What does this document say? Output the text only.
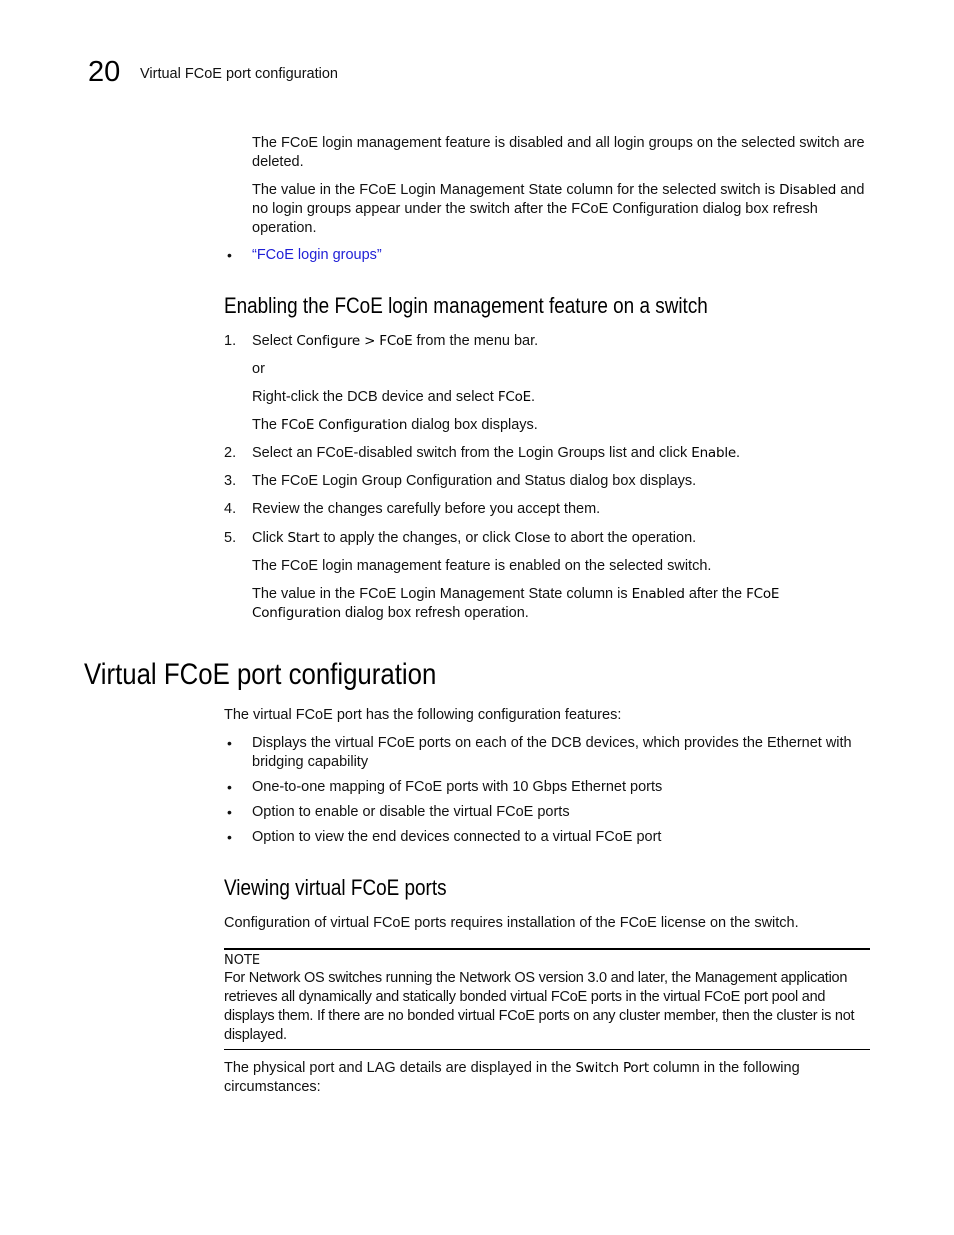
20 Virtual FCoE port configuration

The FCoE login management feature is disabled and all login groups on the selected switch are deleted.

The value in the FCoE Login Management State column for the selected switch is Disabled and no login groups appear under the switch after the FCoE Configuration dialog box refresh operation.

• “FCoE login groups”
Enabling the FCoE login management feature on a switch
1. Select Configure > FCoE from the menu bar.

or

Right-click the DCB device and select FCoE.

The FCoE Configuration dialog box displays.

2. Select an FCoE-disabled switch from the Login Groups list and click Enable.

3. The FCoE Login Group Configuration and Status dialog box displays.

4. Review the changes carefully before you accept them.

5. Click Start to apply the changes, or click Close to abort the operation.

The FCoE login management feature is enabled on the selected switch.

The value in the FCoE Login Management State column is Enabled after the FCoE
Configuration dialog box refresh operation.

Virtual FCoE port configuration

The virtual FCoE port has the following configuration features:

• Displays the virtual FCoE ports on each of the DCB devices, which provides the Ethernet with bridging capability

• One-to-one mapping of FCoE ports with 10 Gbps Ethernet ports

• Option to enable or disable the virtual FCoE ports

• Option to view the end devices connected to a virtual FCoE port

Viewing virtual FCoE ports

Configuration of virtual FCoE ports requires installation of the FCoE license on the switch.

NOTE

For Network OS switches running the Network OS version 3.0 and later, the Management application retrieves all dynamically and statically bonded virtual FCoE ports in the virtual FCoE port pool and displays them. If there are no bonded virtual FCoE ports on any cluster member, then the cluster is not displayed.

The physical port and LAG details are displayed in the Switch Port column in the following circumstances:
